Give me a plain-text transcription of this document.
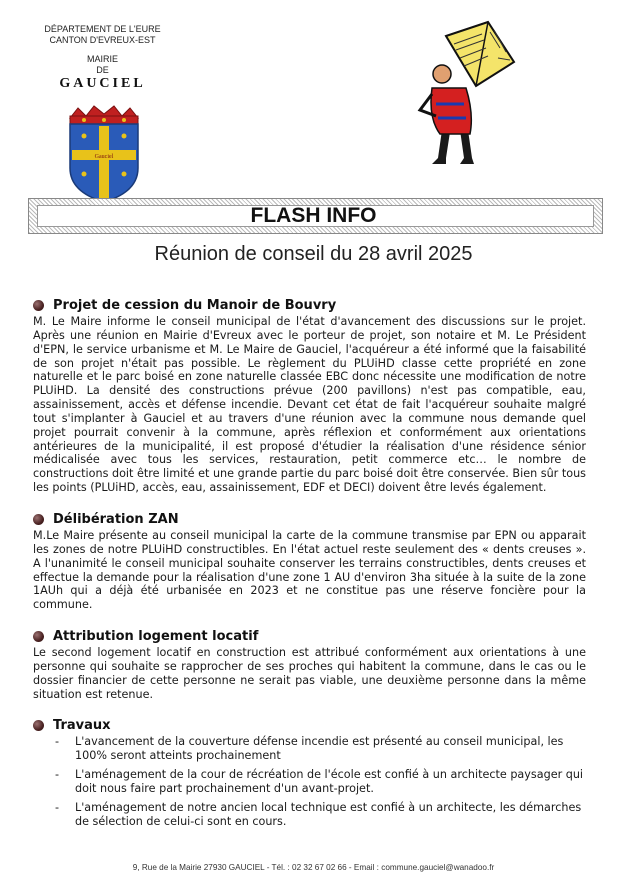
DÉPARTEMENT DE L'EURE
CANTON D'EVREUX-EST
MAIRIE
DE
GAUCIEL
Gauciel
FLASH INFO
Réunion de conseil du 28 avril 2025
Projet de cession du Manoir de Bouvry

M. Le Maire informe le conseil municipal de l'état d'avancement des discussions sur le projet. Après une réunion en Mairie d'Evreux avec le porteur de projet, son notaire et M. Le Président d'EPN, le service urbanisme et M. Le Maire de Gauciel, l'acquéreur a été informé que la faisabilité de son projet n'était pas possible. Le règlement du PLUiHD classe cette propriété en zone naturelle et le parc boisé en zone naturelle classée EBC donc nécessite une modification de notre PLUiHD. La densité des constructions prévue (200 pavillons) n'est pas compatible, eau, assainissement, accès et défense incendie. Devant cet état de fait l'acquéreur souhaite malgré tout s'implanter à Gauciel et au travers d'une réunion avec la commune nous demande quel projet pourrait convenir à la commune, après réflexion et conformément aux orientations antérieures de la municipalité, il est proposé d'étudier la réalisation d'une résidence sénior médicalisée avec tous les services, restauration, petit commerce etc… le nombre de constructions doit être limité et une grande partie du parc boisé doit être conservée. Bien sûr tous les points (PLUiHD, accès, eau, assainissement, EDF et DECI) doivent être levés également.

Délibération ZAN

M.Le Maire présente au conseil municipal la carte de la commune transmise par EPN ou apparait les zones de notre PLUiHD constructibles. En l'état actuel reste seulement des « dents creuses ». A l'unanimité le conseil municipal souhaite conserver les terrains constructibles, dents creuses et effectue la demande pour la réalisation d'une zone 1 AU d'environ 3ha située à la suite de la zone 1AUh qui a déjà été urbanisée en 2023 et ne constitue pas une réserve foncière pour la commune.

Attribution logement locatif

Le second logement locatif en construction est attribué conformément aux orientations à une personne qui souhaite se rapprocher de ses proches qui habitent la commune, dans le cas ou le dossier financier de cette personne ne serait pas viable, une deuxième personne dans la même situation est retenue.

Travaux
- L'avancement de la couverture défense incendie est présenté au conseil municipal, les 100% seront atteints prochainement
- L'aménagement de la cour de récréation de l'école est confié à un architecte paysager qui doit nous faire part prochainement d'un avant-projet.
- L'aménagement de notre ancien local technique est confié à un architecte, les démarches de sélection de celui-ci sont en cours.
9, Rue de la Mairie 27930 GAUCIEL - Tél. : 02 32 67 02 66 - Email : commune.gauciel@wanadoo.fr
